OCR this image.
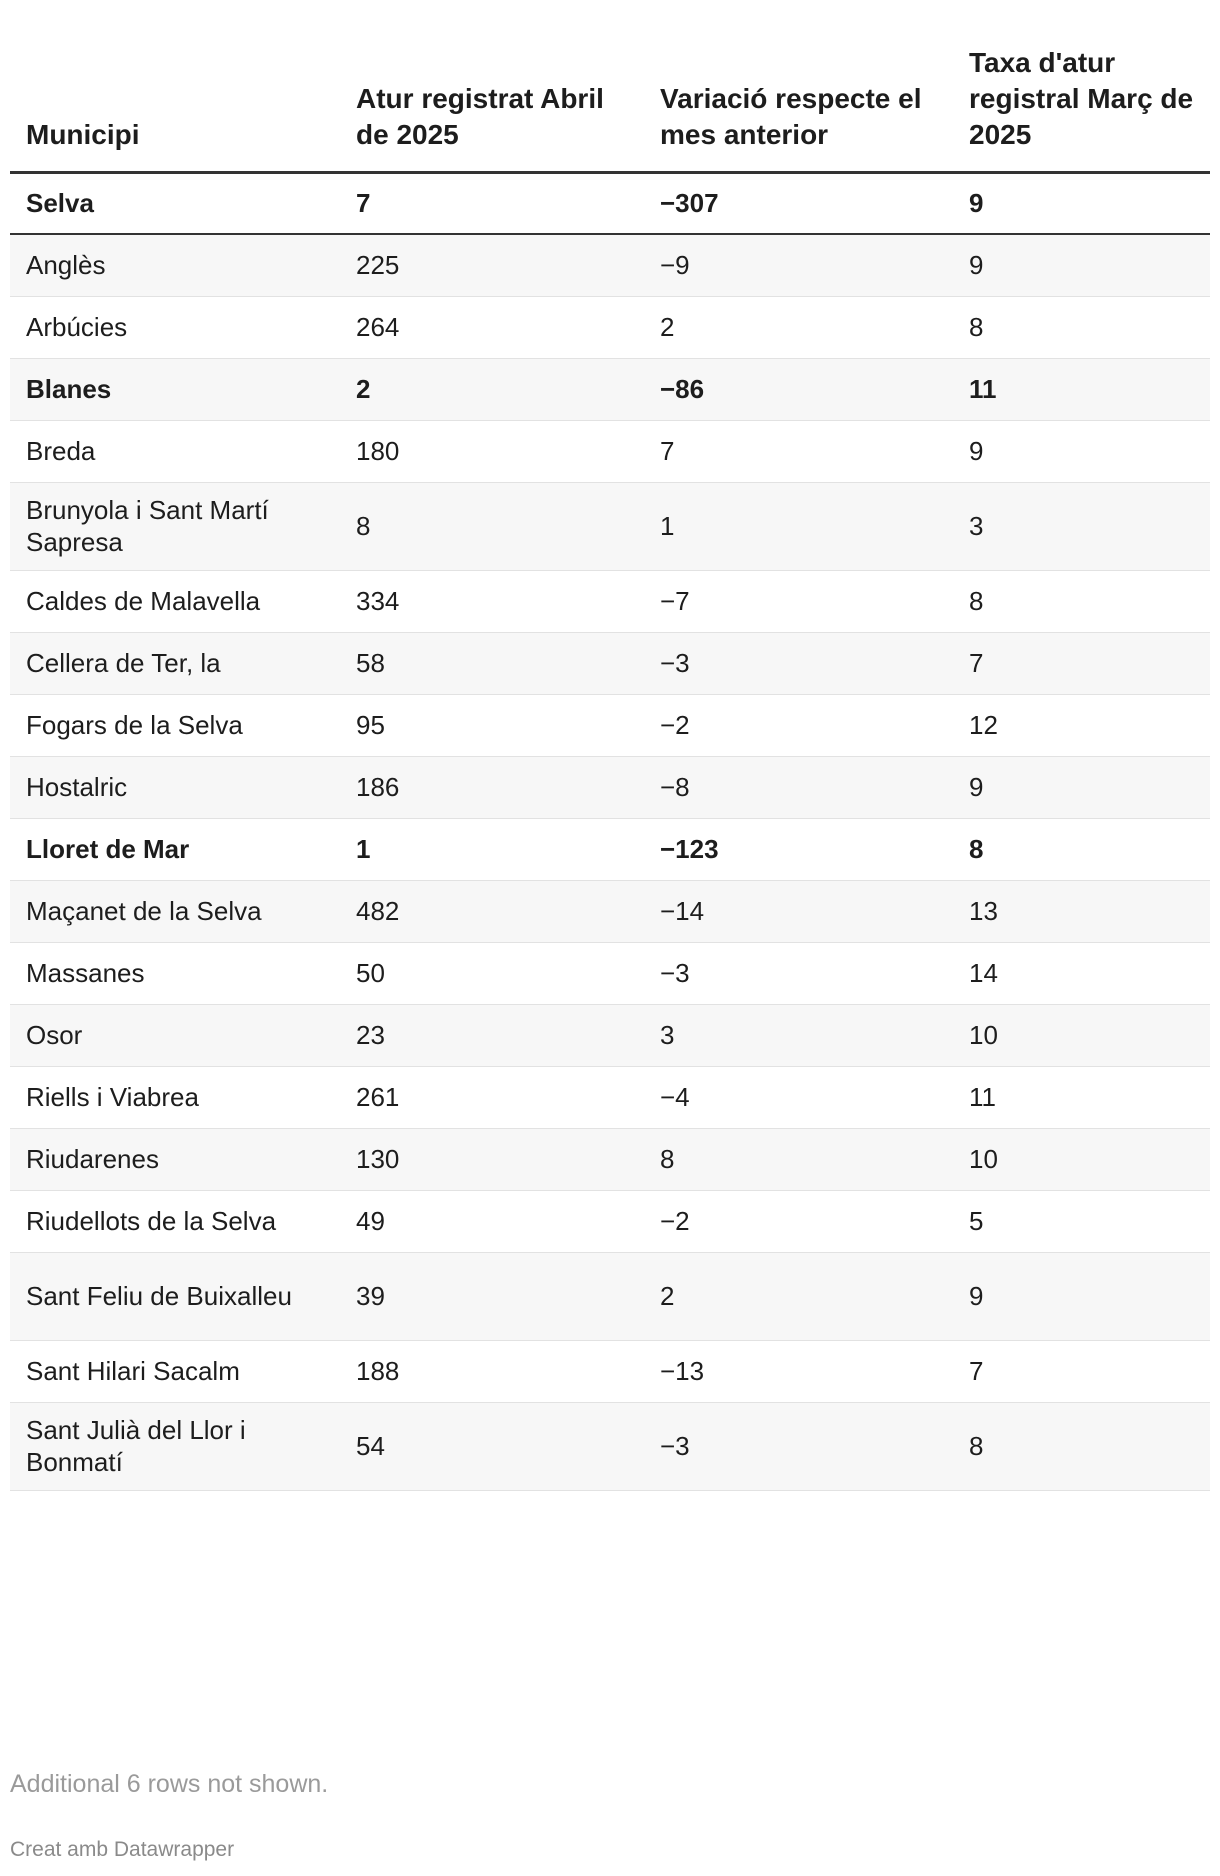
Municipi	Atur registrat Abril de 2025	Variació respecte el mes anterior	Taxa d'atur registral Març de 2025
Selva	7	−307	9
Anglès	225	−9	9
Arbúcies	264	2	8
Blanes	2	−86	11
Breda	180	7	9
Brunyola i Sant Martí Sapresa	8	1	3
Caldes de Malavella	334	−7	8
Cellera de Ter, la	58	−3	7
Fogars de la Selva	95	−2	12
Hostalric	186	−8	9
Lloret de Mar	1	−123	8
Maçanet de la Selva	482	−14	13
Massanes	50	−3	14
Osor	23	3	10
Riells i Viabrea	261	−4	11
Riudarenes	130	8	10
Riudellots de la Selva	49	−2	5
Sant Feliu de Buixalleu	39	2	9
Sant Hilari Sacalm	188	−13	7
Sant Julià del Llor i Bonmatí	54	−3	8
Additional 6 rows not shown.
Creat amb Datawrapper
